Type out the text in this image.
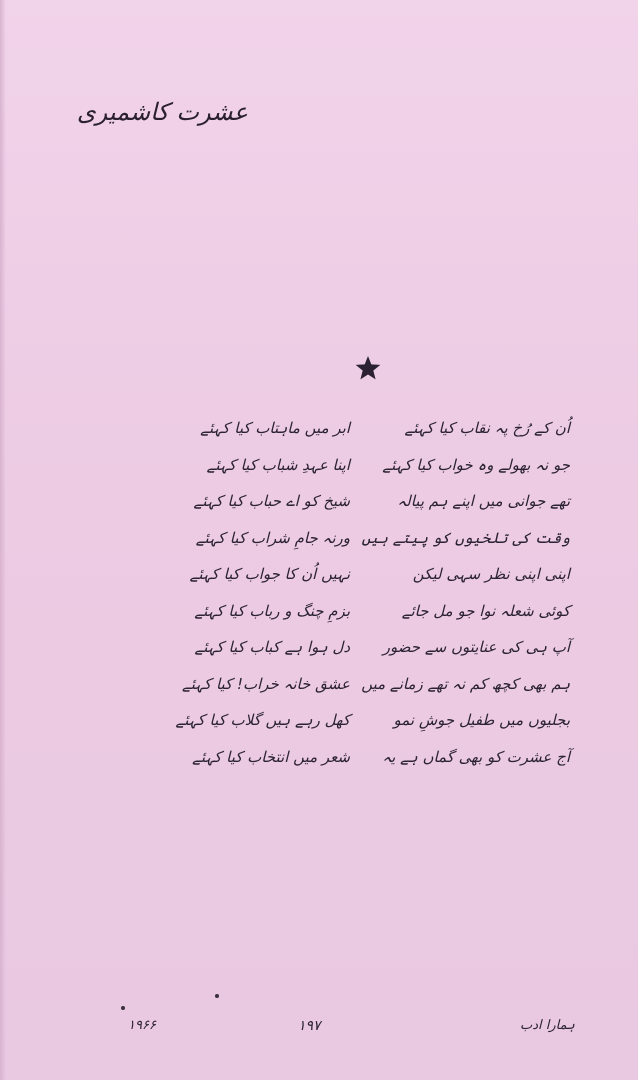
عشرت کاشمیری
اُن کے رُخ پہ نقاب کیا کہئے
جو نہ بھولے وہ خواب کیا کہئے
تھے جوانی میں اپنے ہم پیالہ
وقت کی تلخیوں کو پیتے ہیں
اپنی اپنی نظر سہی لیکن
کوئی شعلہ نوا جو مل جائے
آپ ہی کی عنایتوں سے حضور
ہم بھی کچھ کم نہ تھے زمانے میں
بجلیوں میں طفیل جوشِ نمو
آج عشرت کو بھی گماں ہے یہ
ابر میں ماہتاب کیا کہئے
اپنا عہدِ شباب کیا کہئے
شیخ کو اے حباب کیا کہئے
ورنہ جامِ شراب کیا کہئے
نہیں اُن کا جواب کیا کہئے
بزمِ چنگ و رباب کیا کہئے
دل ہوا ہے کباب کیا کہئے
عشق خانہ خراب! کیا کہئے
کھل رہے ہیں گلاب کیا کہئے
شعر میں انتخاب کیا کہئے
۱۹۶۶	۱۹۷	ہمارا ادب
